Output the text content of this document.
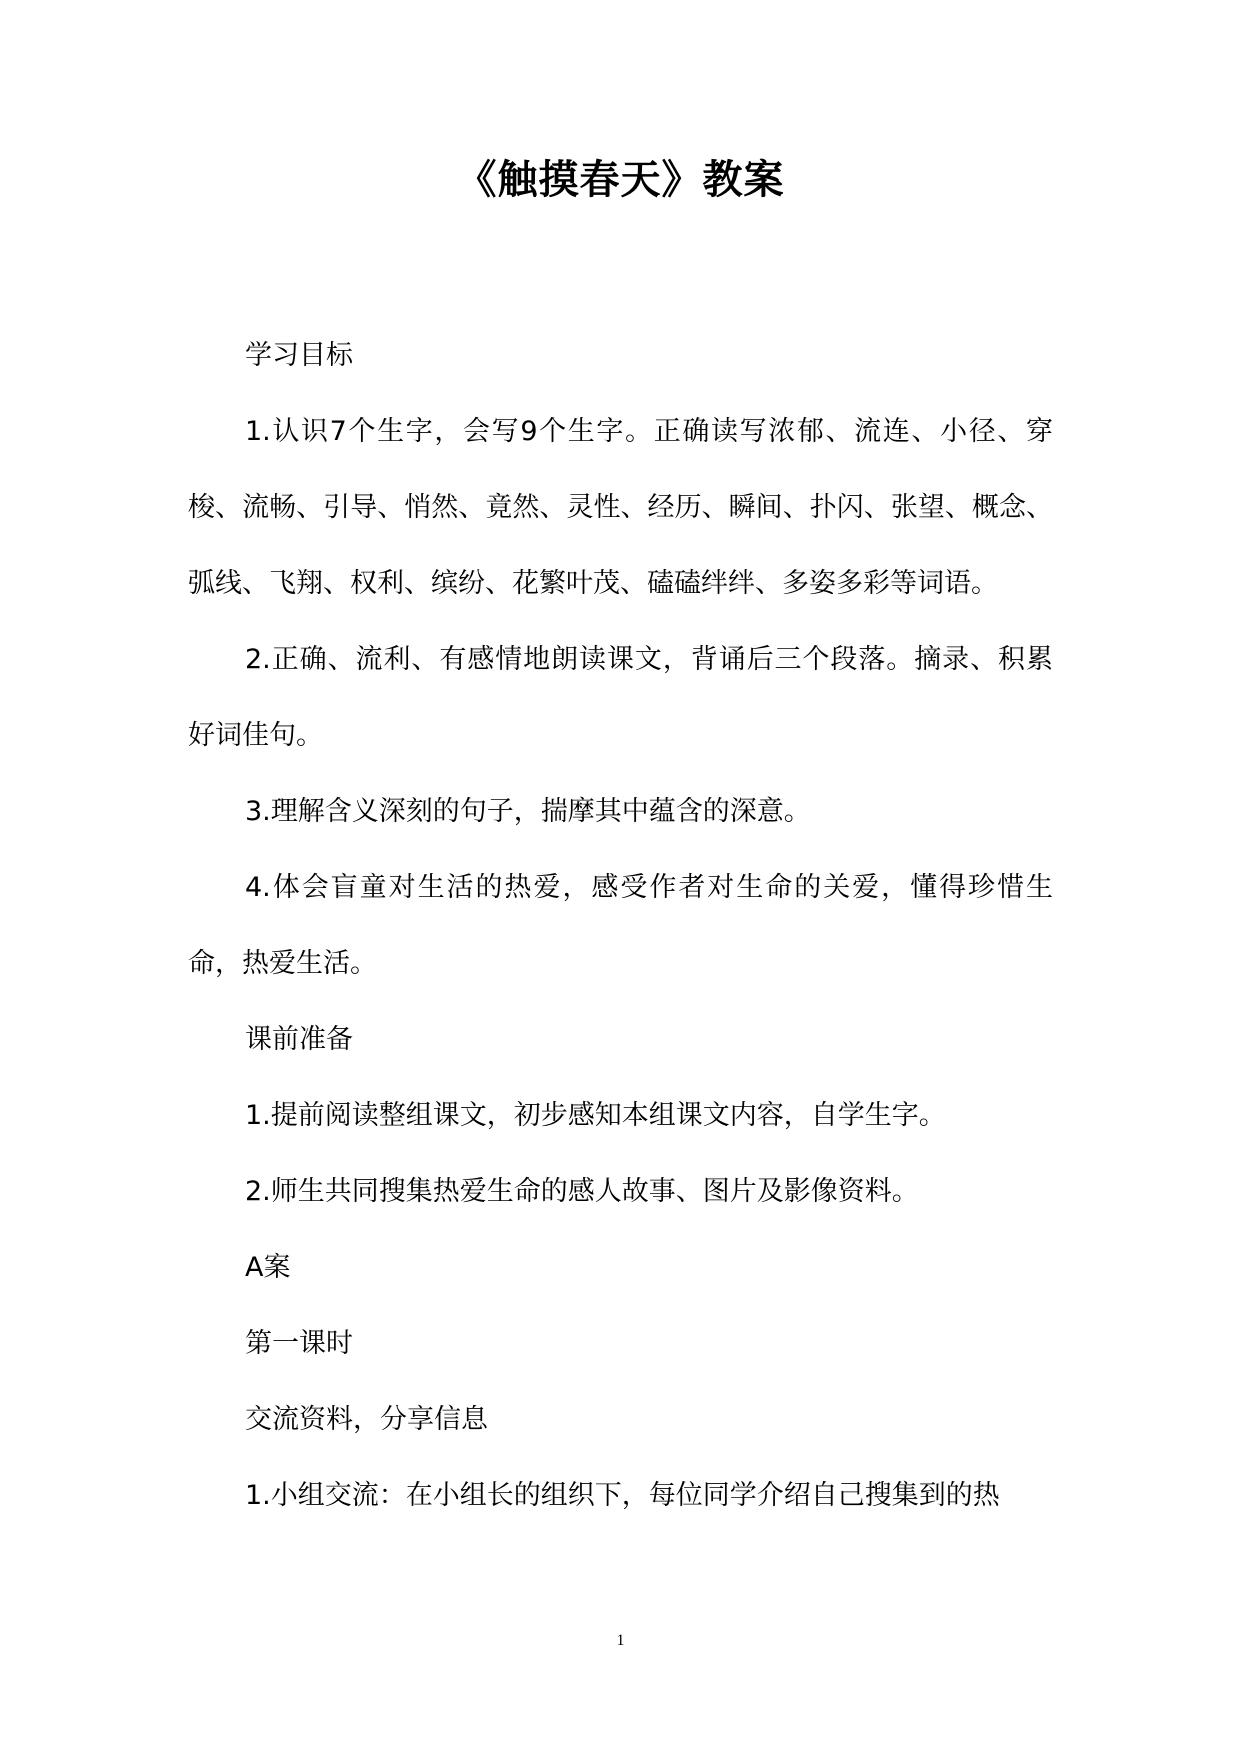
《触摸春天》教案

学习目标

1.认识7个生字，会写9个生字。正确读写浓郁、流连、小径、穿梭、流畅、引导、悄然、竟然、灵性、经历、瞬间、扑闪、张望、概念、弧线、飞翔、权利、缤纷、花繁叶茂、磕磕绊绊、多姿多彩等词语。

2.正确、流利、有感情地朗读课文，背诵后三个段落。摘录、积累好词佳句。

3.理解含义深刻的句子，揣摩其中蕴含的深意。

4.体会盲童对生活的热爱，感受作者对生命的关爱，懂得珍惜生命，热爱生活。

课前准备

1.提前阅读整组课文，初步感知本组课文内容，自学生字。

2.师生共同搜集热爱生命的感人故事、图片及影像资料。

A案

第一课时

交流资料，分享信息

1.小组交流：在小组长的组织下，每位同学介绍自己搜集到的热

1
